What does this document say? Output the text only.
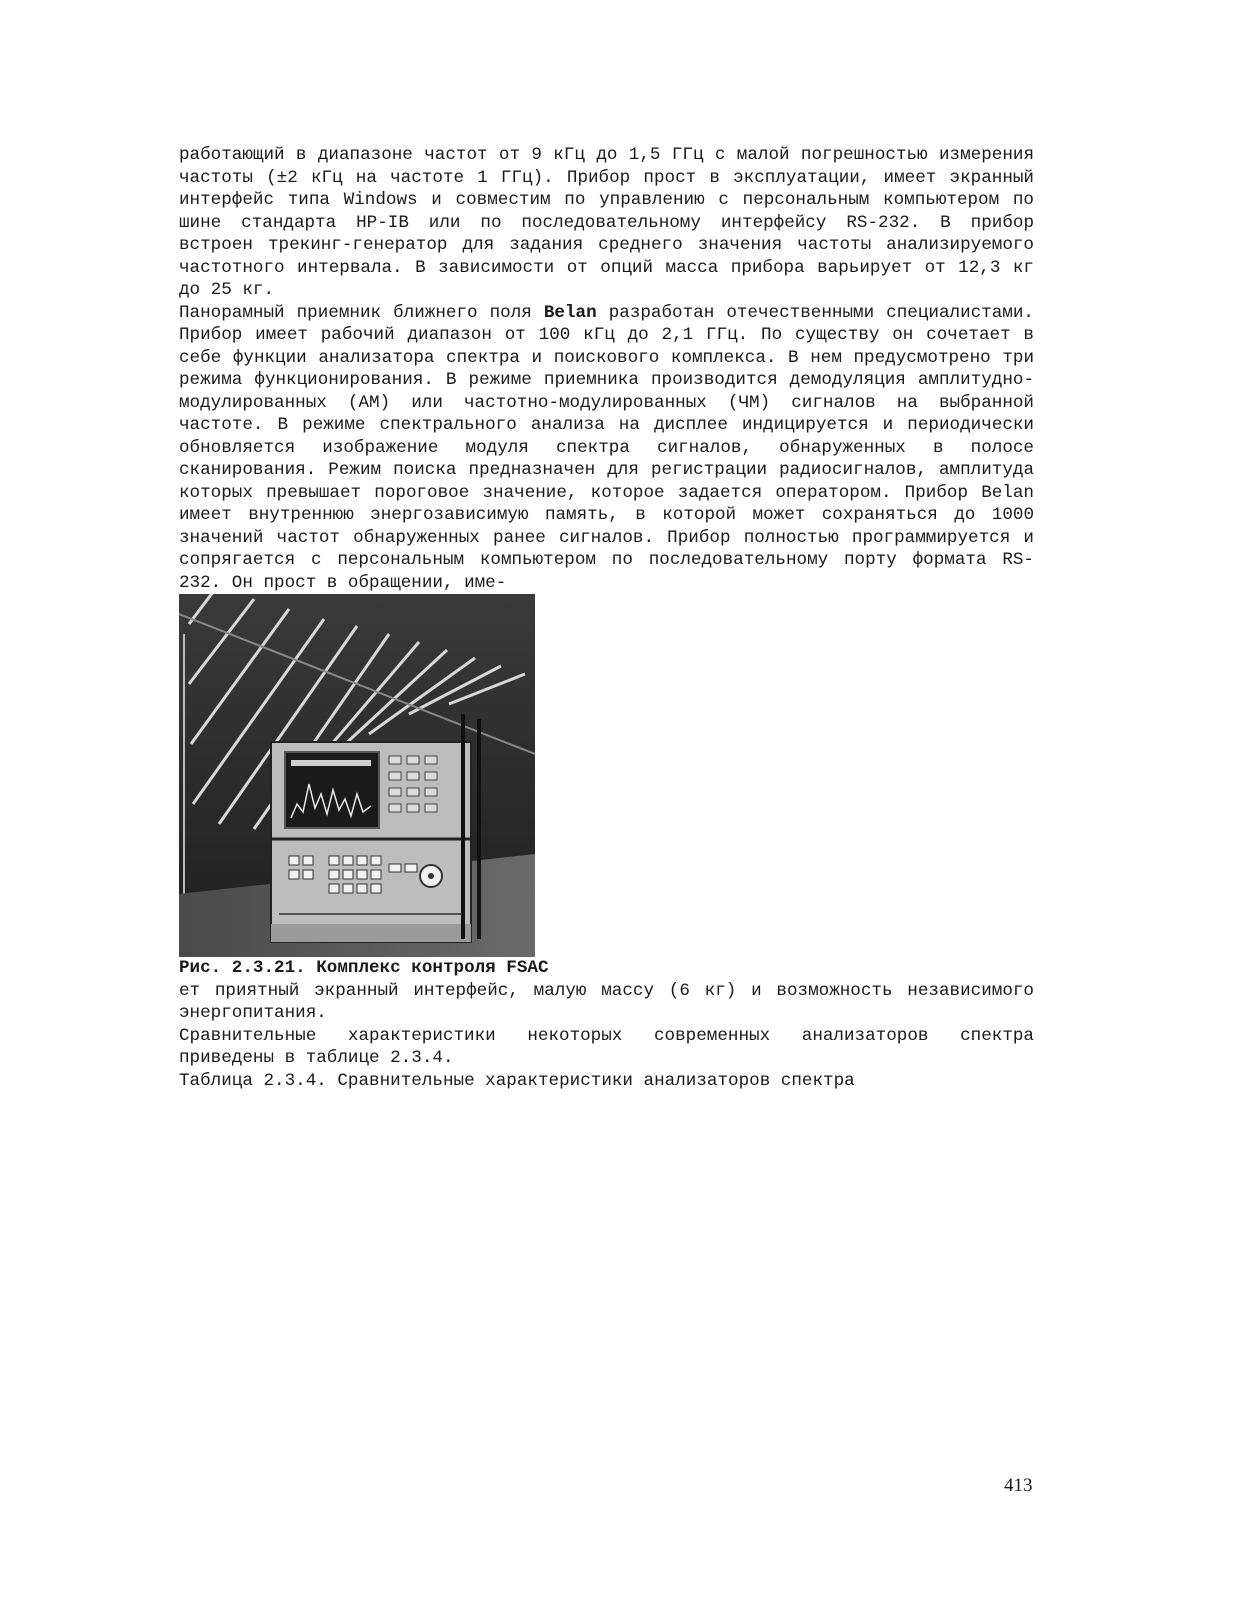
работающий в диапазоне частот от 9 кГц до 1,5 ГГц с малой погрешностью измерения частоты (±2 кГц на частоте 1 ГГц). Прибор прост в эксплуатации, имеет экранный интерфейс типа Windows и совместим по управлению с персональным компьютером по шине стандарта HP-IB или по последовательному интерфейсу RS-232. В прибор встроен трекинг-генератор для задания среднего значения частоты анализируемого частотного интервала. В зависимости от опций масса прибора варьирует от 12,3 кг до 25 кг.

Панорамный приемник ближнего поля Belan разработан отечественными специалистами. Прибор имеет рабочий диапазон от 100 кГц до 2,1 ГГц. По существу он сочетает в себе функции анализатора спектра и поискового комплекса. В нем предусмотрено три режима функционирования. В режиме приемника производится демодуляция амплитудно-модулированных (АМ) или частотно-модулированных (ЧМ) сигналов на выбранной частоте. В режиме спектрального анализа на дисплее индицируется и периодически обновляется изображение модуля спектра сигналов, обнаруженных в полосе сканирования. Режим поиска предназначен для регистрации радиосигналов, амплитуда которых превышает пороговое значение, которое задается оператором. Прибор Belan имеет внутреннюю энергозависимую память, в которой может сохраняться до 1000 значений частот обнаруженных ранее сигналов. Прибор полностью программируется и сопрягается с персональным компьютером по последовательному порту формата RS-232. Он прост в обращении, име-

Рис. 2.3.21. Комплекс контроля FSAC

ет приятный экранный интерфейс, малую массу (6 кг) и возможность независимого энергопитания.

Сравнительные характеристики некоторых современных анализаторов спектра приведены в таблице 2.3.4.

Таблица 2.3.4. Сравнительные характеристики анализаторов спектра

413
